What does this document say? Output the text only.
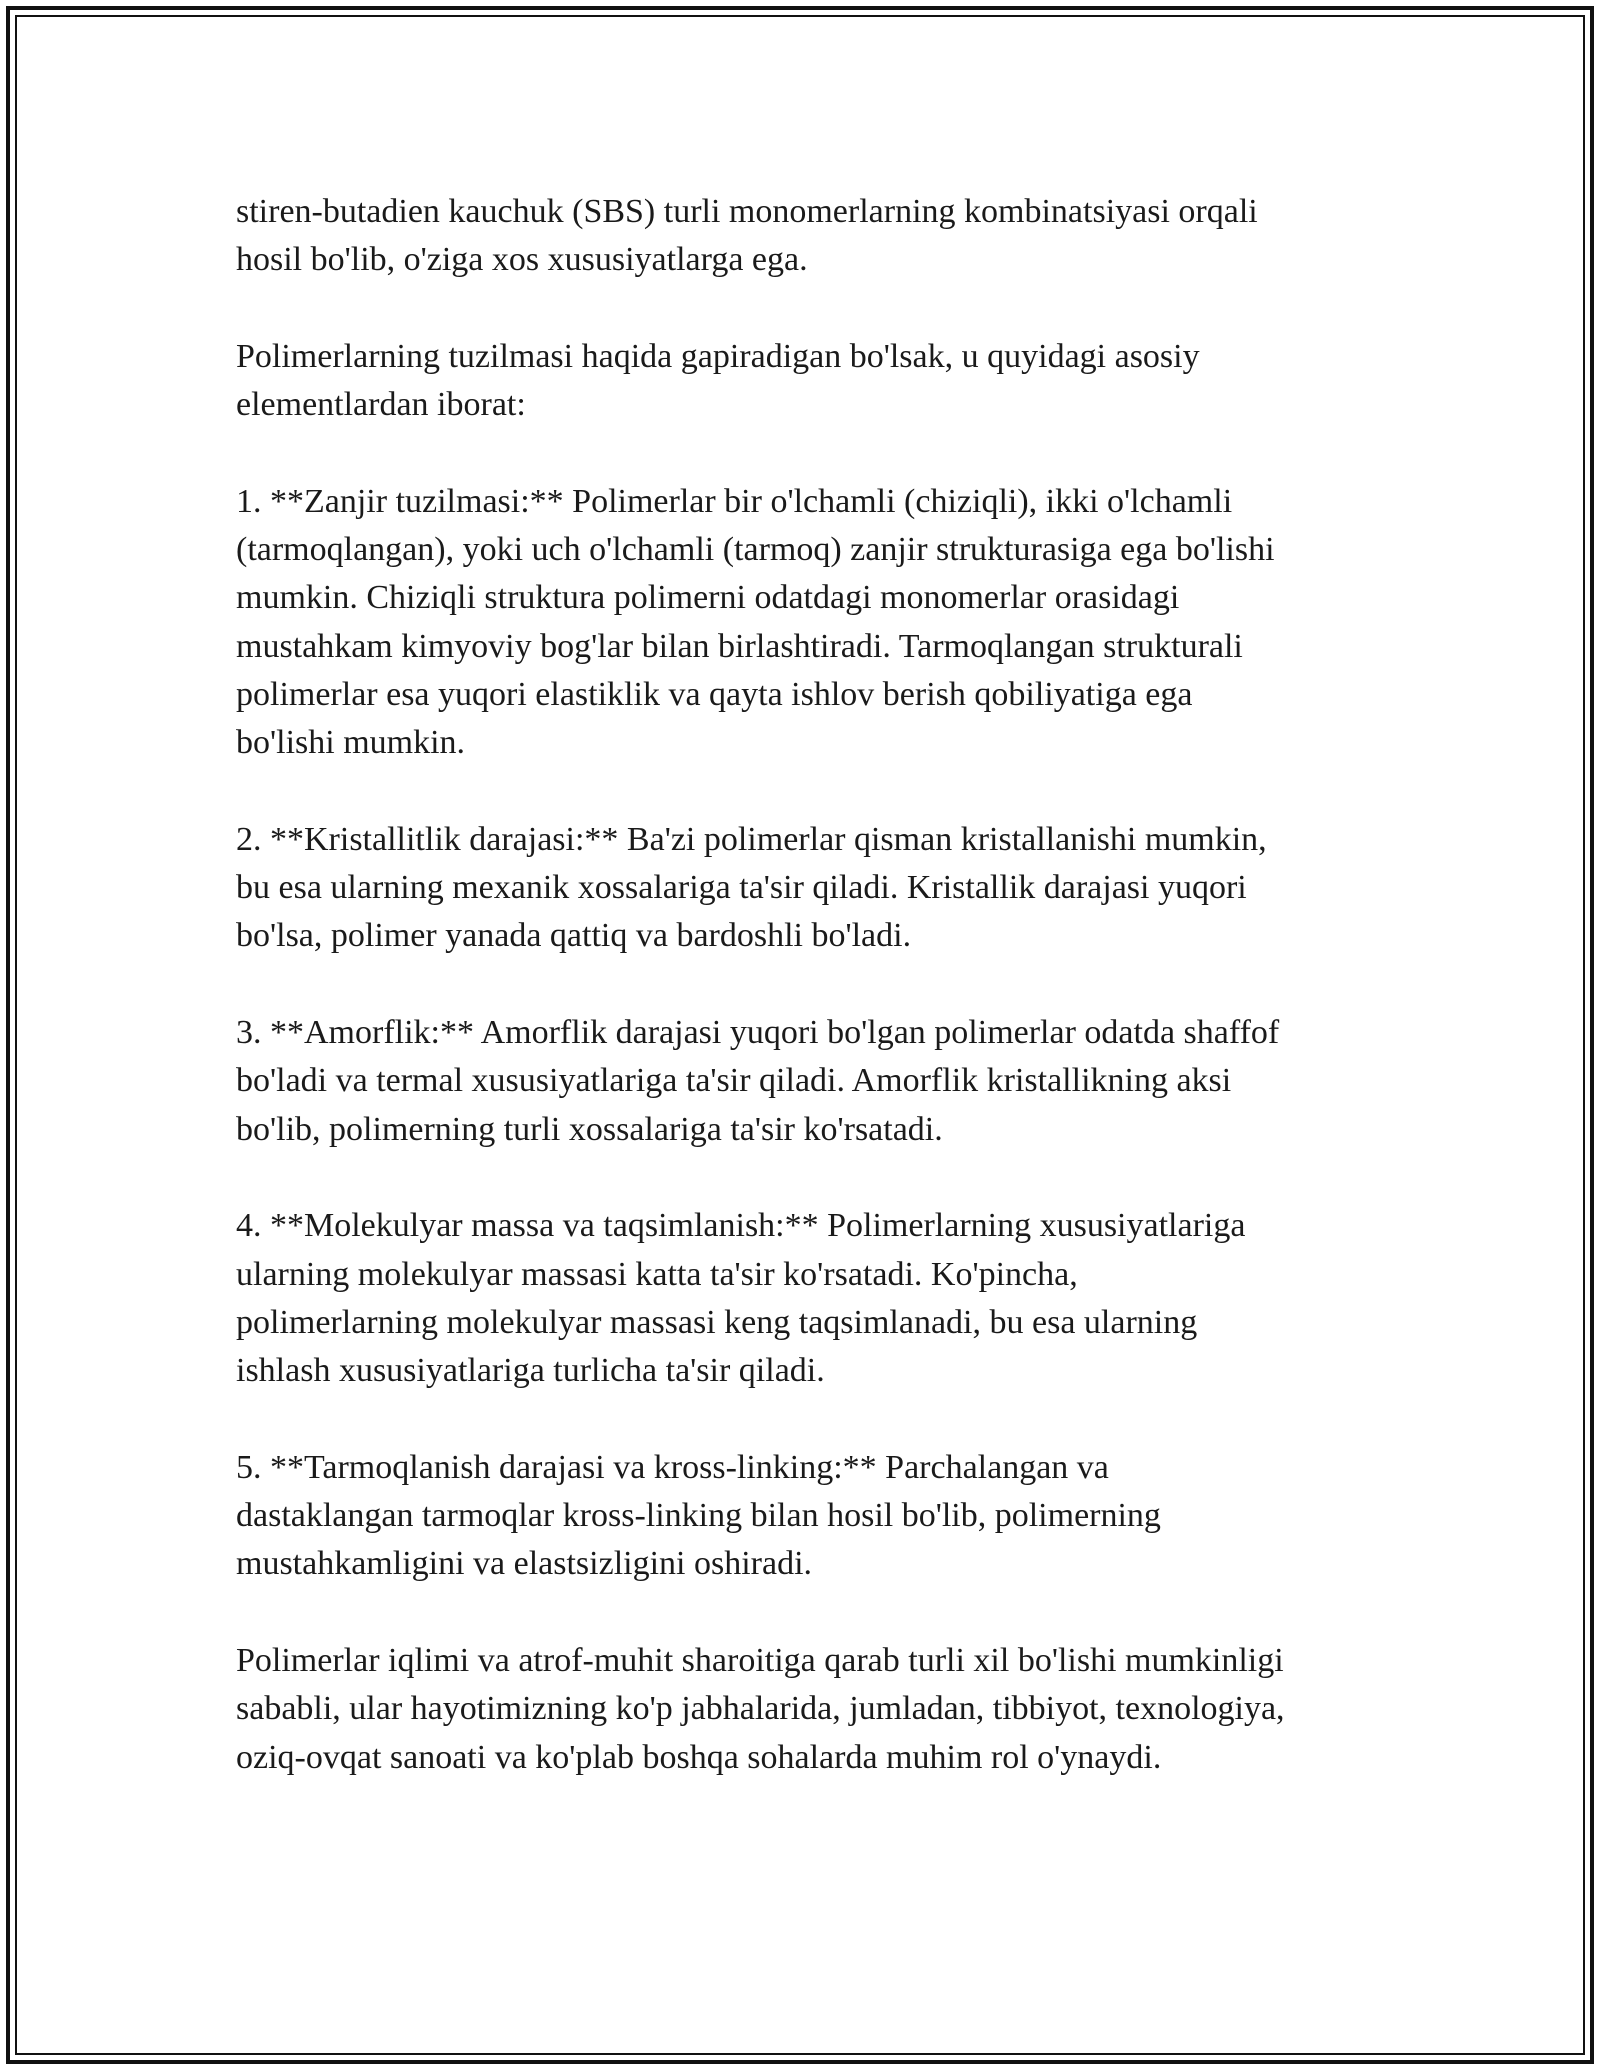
stiren-butadien kauchuk (SBS) turli monomerlarning kombinatsiyasi orqali
hosil bo'lib, o'ziga xos xususiyatlarga ega.

Polimerlarning tuzilmasi haqida gapiradigan bo'lsak, u quyidagi asosiy
elementlardan iborat:

1. **Zanjir tuzilmasi:** Polimerlar bir o'lchamli (chiziqli), ikki o'lchamli
(tarmoqlangan), yoki uch o'lchamli (tarmoq) zanjir strukturasiga ega bo'lishi
mumkin. Chiziqli struktura polimerni odatdagi monomerlar orasidagi
mustahkam kimyoviy bog'lar bilan birlashtiradi. Tarmoqlangan strukturali
polimerlar esa yuqori elastiklik va qayta ishlov berish qobiliyatiga ega
bo'lishi mumkin.

2. **Kristallitlik darajasi:** Ba'zi polimerlar qisman kristallanishi mumkin,
bu esa ularning mexanik xossalariga ta'sir qiladi. Kristallik darajasi yuqori
bo'lsa, polimer yanada qattiq va bardoshli bo'ladi.

3. **Amorflik:** Amorflik darajasi yuqori bo'lgan polimerlar odatda shaffof
bo'ladi va termal xususiyatlariga ta'sir qiladi. Amorflik kristallikning aksi
bo'lib, polimerning turli xossalariga ta'sir ko'rsatadi.

4. **Molekulyar massa va taqsimlanish:** Polimerlarning xususiyatlariga
ularning molekulyar massasi katta ta'sir ko'rsatadi. Ko'pincha,
polimerlarning molekulyar massasi keng taqsimlanadi, bu esa ularning
ishlash xususiyatlariga turlicha ta'sir qiladi.

5. **Tarmoqlanish darajasi va kross-linking:** Parchalangan va
dastaklangan tarmoqlar kross-linking bilan hosil bo'lib, polimerning
mustahkamligini va elastsizligini oshiradi.

Polimerlar iqlimi va atrof-muhit sharoitiga qarab turli xil bo'lishi mumkinligi
sababli, ular hayotimizning ko'p jabhalarida, jumladan, tibbiyot, texnologiya,
oziq-ovqat sanoati va ko'plab boshqa sohalarda muhim rol o'ynaydi.
